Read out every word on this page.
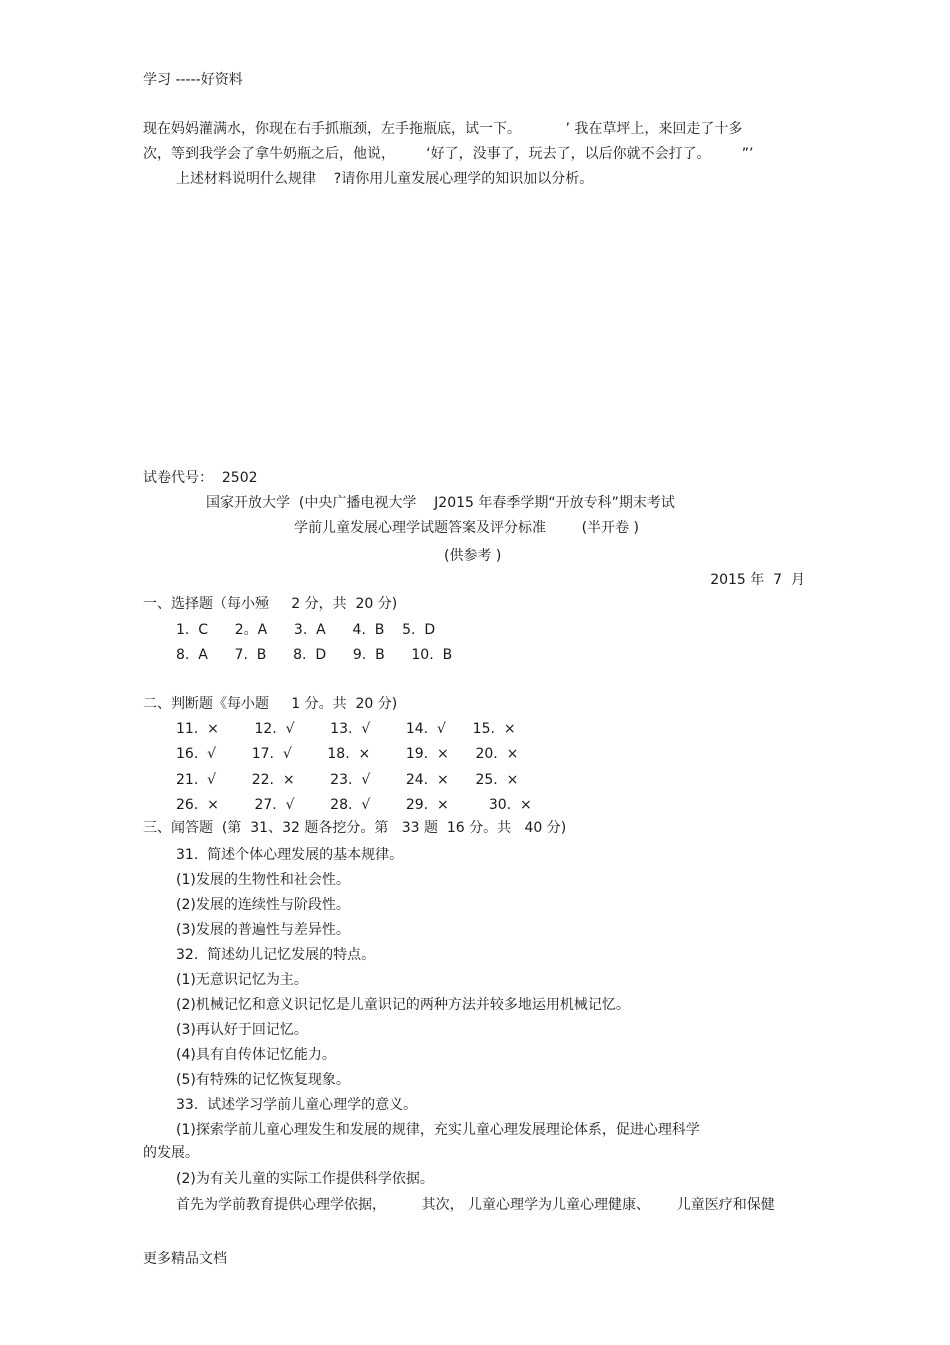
学习 -----好资料
现在妈妈灌满水，你现在右手抓瓶颈，左手拖瓶底，试一下。          ’ 我在草坪上，来回走了十多
次，等到我学会了拿牛奶瓶之后，他说，       ‘好了，没事了，玩去了，以后你就不会打了。       ”’
上述材料说明什么规律    ?请你用儿童发展心理学的知识加以分析。
试卷代号：  2502
国家开放大学  (中央广播电视大学    J2015 年春季学期“开放专科”期末考试
学前儿童发展心理学试题答案及评分标准        (半开卷 )
(供参考 )
2015 年  7  月
一、选择题（每小殛     2 分，共  20 分)
1.  C      2。A      3.  A      4.  B    5.  D
8.  A      7.  B      8.  D      9.  B      10.  B
二、判断题《每小题     1 分。共  20 分)
11.  ×        12.  √        13.  √        14.  √      15.  ×
16.  √        17.  √        18.  ×        19.  ×      20.  ×
21.  √        22.  ×        23.  √        24.  ×      25.  ×
26.  ×        27.  √        28.  √        29.  ×         30.  ×
三、闻答题  (第  31、32 题各挖分。第   33 题  16 分。共   40 分)
31.  简述个体心理发展的基本规律。
(1)发展的生物性和社会性。
(2)发展的连续性与阶段性。
(3)发展的普遍性与差异性。
32.  简述幼儿记忆发展的特点。
(1)无意识记忆为主。
(2)机械记忆和意义识记忆是儿童识记的两种方法并较多地运用机械记忆。
(3)再认好于回记忆。
(4)具有自传体记忆能力。
(5)有特殊的记忆恢复现象。
33.  试述学习学前儿童心理学的意义。
(1)探索学前儿童心理发生和发展的规律，充实儿童心理发展理论体系，促进心理科学
的发展。
(2)为有关儿童的实际工作提供科学依据。
首先为学前教育提供心理学依据，        其次， 儿童心理学为儿童心理健康、      儿童医疗和保健
更多精品文档
